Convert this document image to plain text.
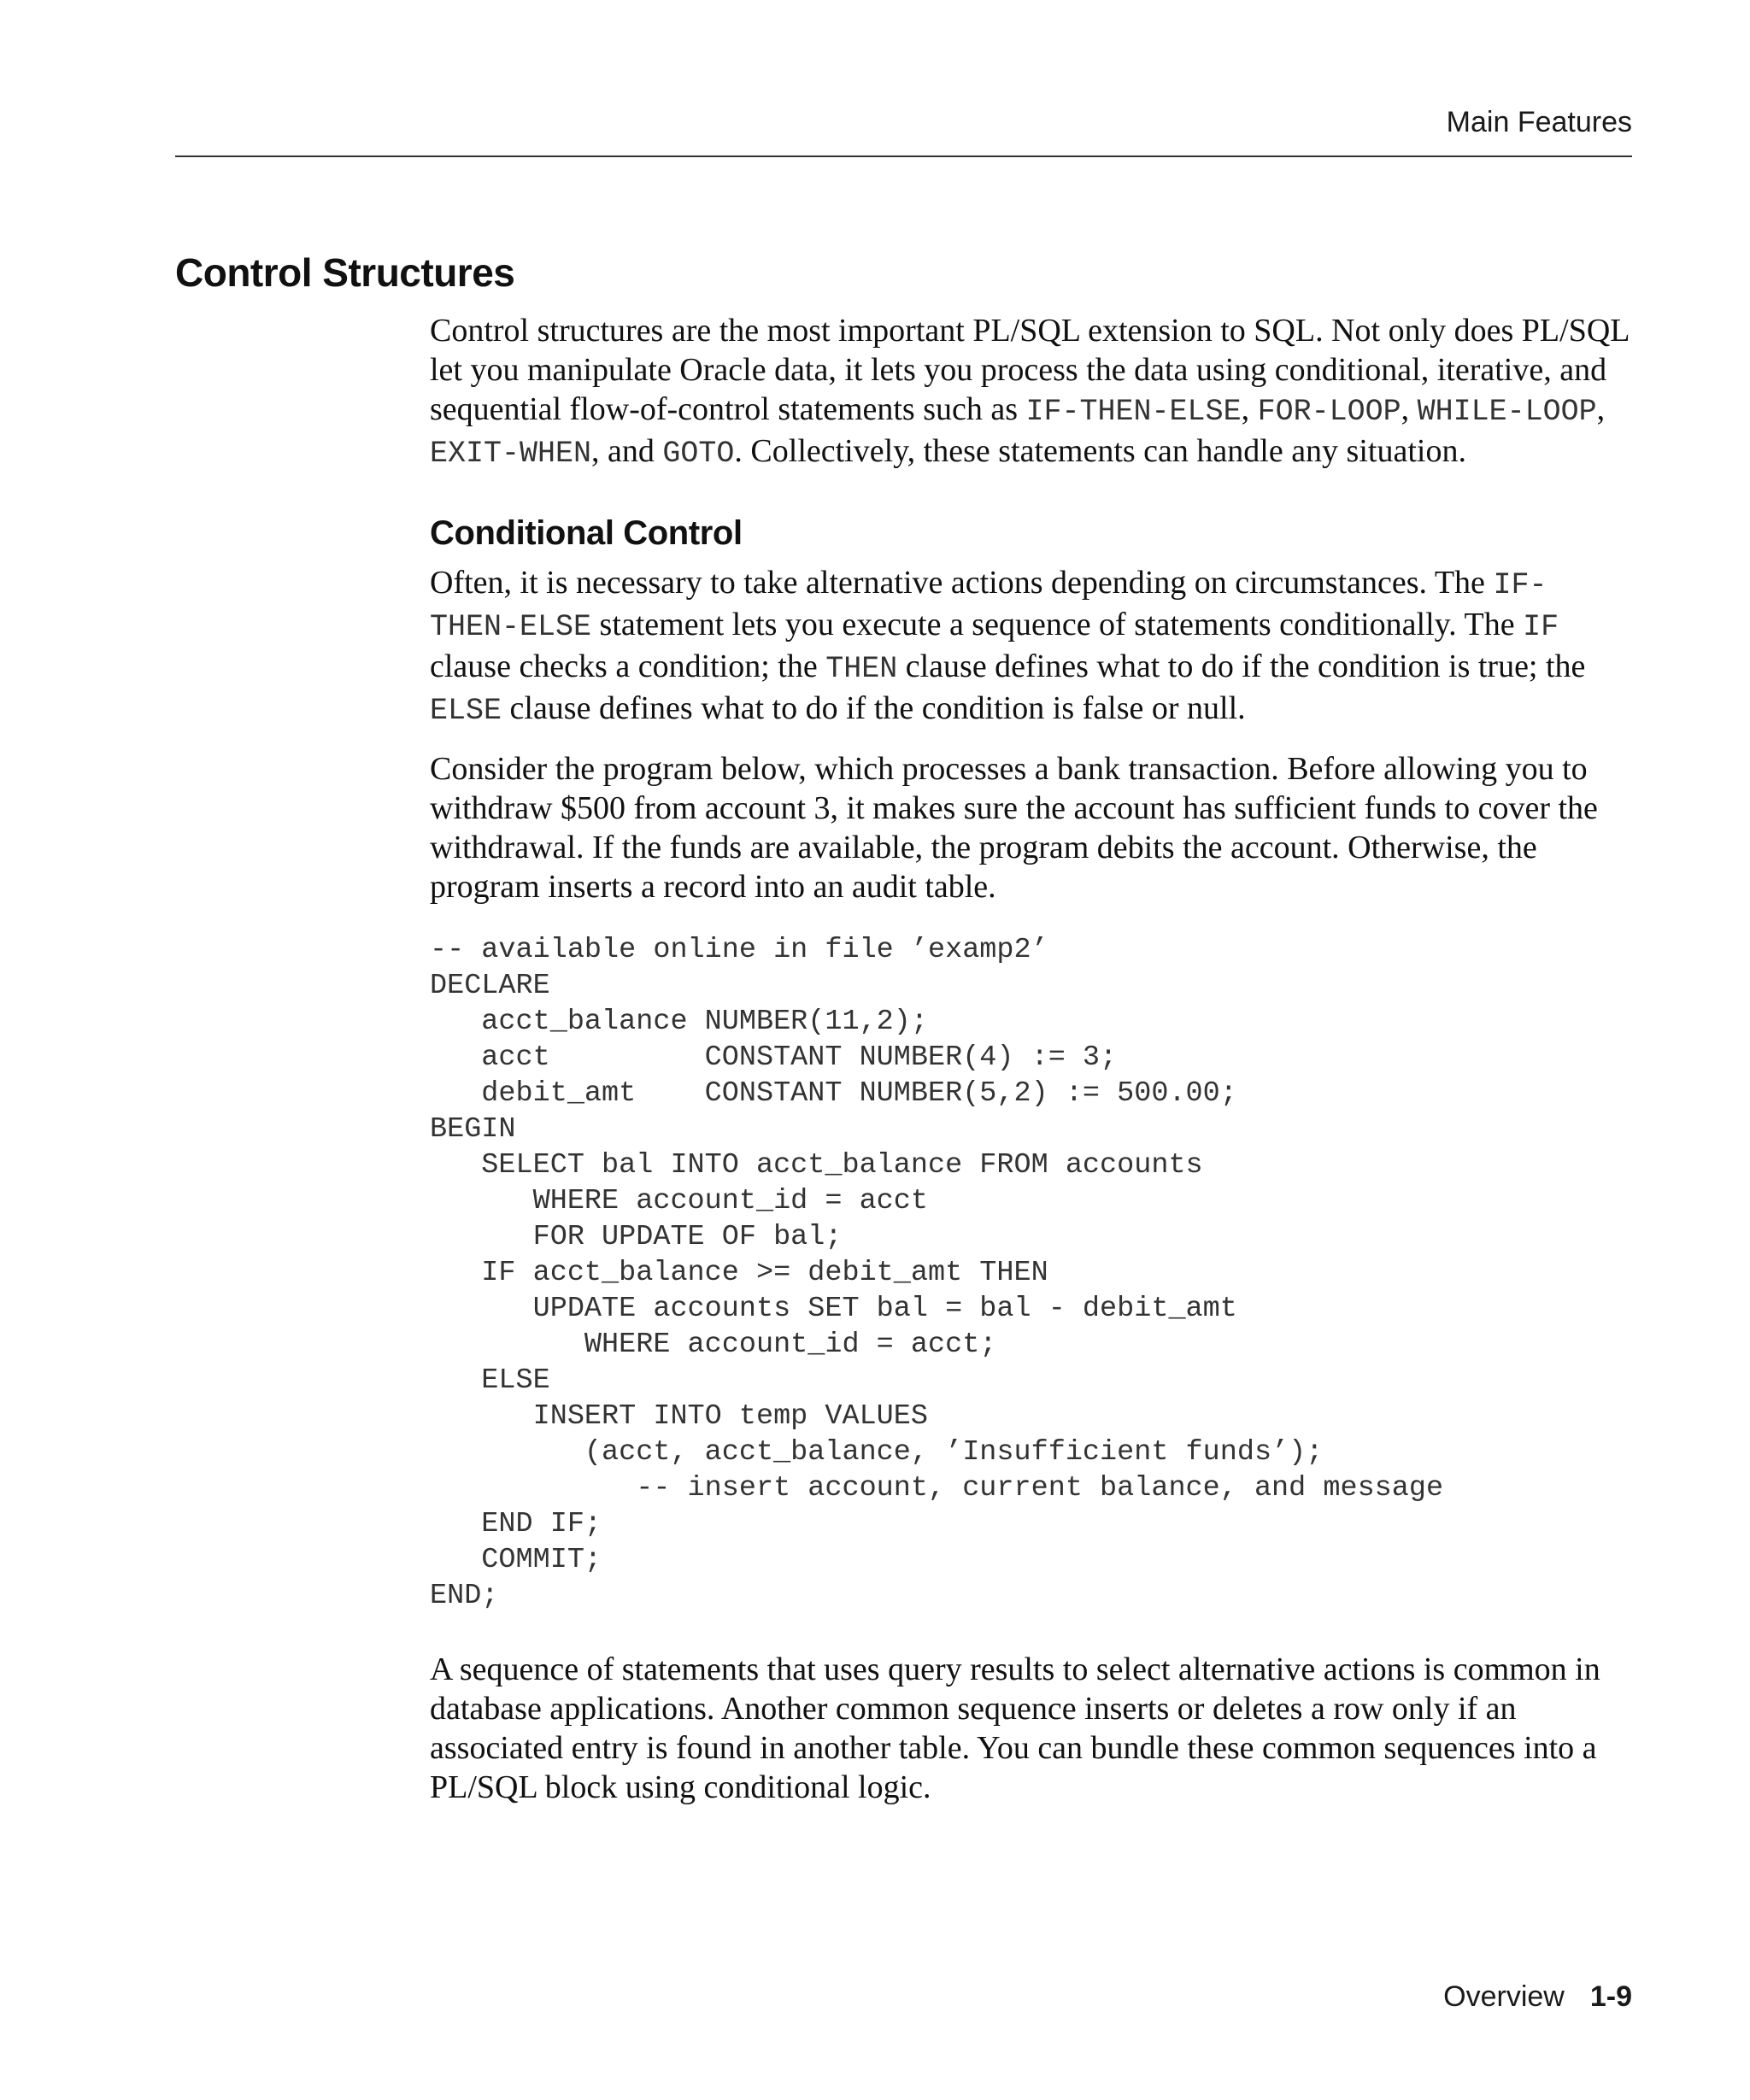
Main Features
Control Structures

Control structures are the most important PL/SQL extension to SQL. Not only does PL/SQL let you manipulate Oracle data, it lets you process the data using conditional, iterative, and sequential flow-of-control statements such as IF-THEN-ELSE, FOR-LOOP, WHILE-LOOP, EXIT-WHEN, and GOTO. Collectively, these statements can handle any situation.

Conditional Control

Often, it is necessary to take alternative actions depending on circumstances. The IF-THEN-ELSE statement lets you execute a sequence of statements conditionally. The IF clause checks a condition; the THEN clause defines what to do if the condition is true; the ELSE clause defines what to do if the condition is false or null.

Consider the program below, which processes a bank transaction. Before allowing you to withdraw $500 from account 3, it makes sure the account has sufficient funds to cover the withdrawal. If the funds are available, the program debits the account. Otherwise, the program inserts a record into an audit table.

-- available online in file ’examp2’
DECLARE
acct_balance NUMBER(11,2);
acct         CONSTANT NUMBER(4) := 3;
debit_amt    CONSTANT NUMBER(5,2) := 500.00;
BEGIN
SELECT bal INTO acct_balance FROM accounts
WHERE account_id = acct
FOR UPDATE OF bal;
IF acct_balance >= debit_amt THEN
UPDATE accounts SET bal = bal - debit_amt
WHERE account_id = acct;
ELSE
INSERT INTO temp VALUES
(acct, acct_balance, ’Insufficient funds’);
-- insert account, current balance, and message
END IF;
COMMIT;
END;

A sequence of statements that uses query results to select alternative actions is common in database applications. Another common sequence inserts or deletes a row only if an associated entry is found in another table. You can bundle these common sequences into a PL/SQL block using conditional logic.

Overview 1-9
